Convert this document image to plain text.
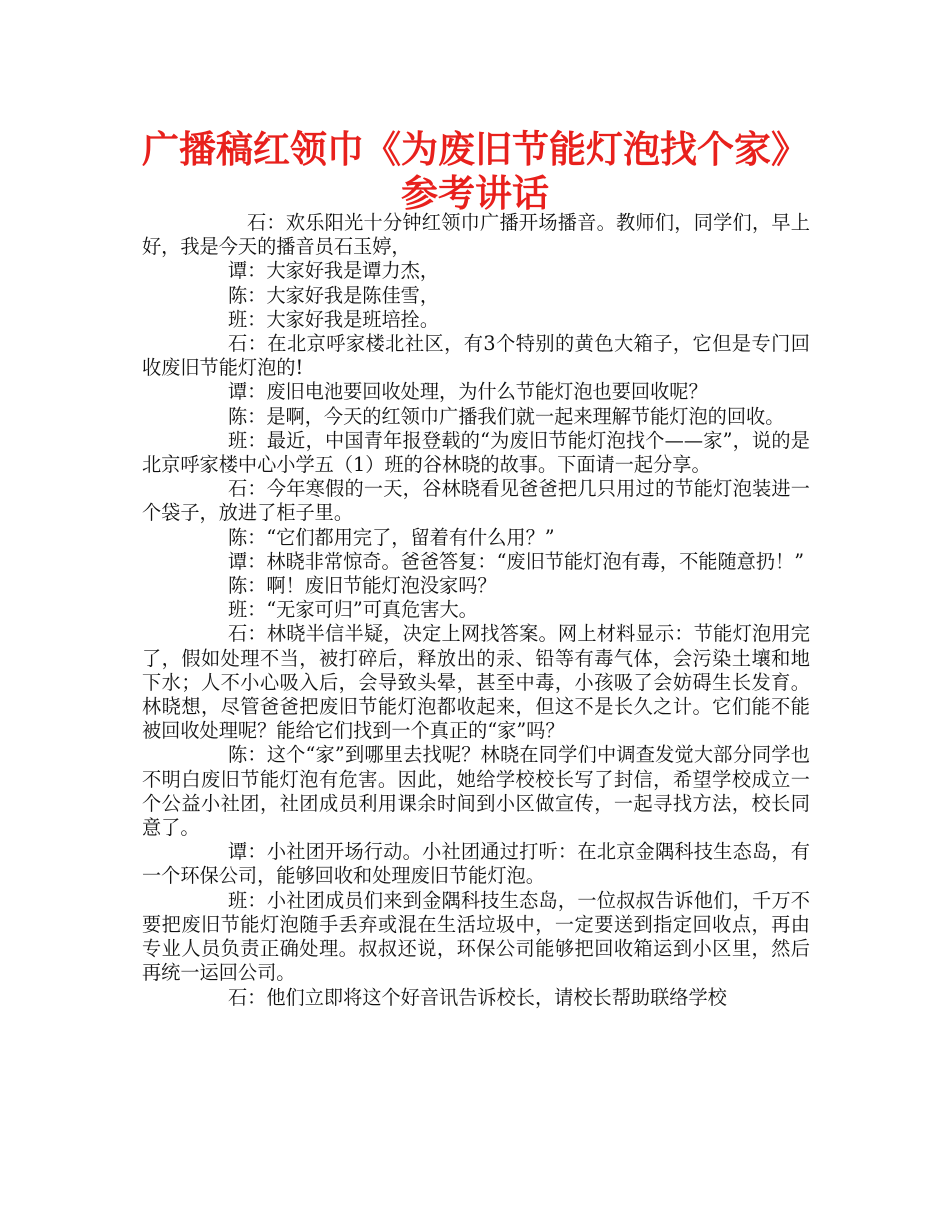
广播稿红领巾《为废旧节能灯泡找个家》
参考讲话

石：欢乐阳光十分钟红领巾广播开场播音。教师们，同学们，早上好，我是今天的播音员石玉婷，

谭：大家好我是谭力杰，

陈：大家好我是陈佳雪，

班：大家好我是班培拴。

石：在北京呼家楼北社区，有3个特别的黄色大箱子，它但是专门回收废旧节能灯泡的!

谭：废旧电池要回收处理，为什么节能灯泡也要回收呢？

陈：是啊，今天的红领巾广播我们就一起来理解节能灯泡的回收。

班：最近，中国青年报登载的“为废旧节能灯泡找个——家”，说的是北京呼家楼中心小学五（1）班的谷林晓的故事。下面请一起分享。

石：今年寒假的一天，谷林晓看见爸爸把几只用过的节能灯泡装进一个袋子，放进了柜子里。

陈：“它们都用完了，留着有什么用？”

谭：林晓非常惊奇。爸爸答复：“废旧节能灯泡有毒，不能随意扔！”

陈：啊！废旧节能灯泡没家吗？

班：“无家可归”可真危害大。

石：林晓半信半疑，决定上网找答案。网上材料显示：节能灯泡用完了，假如处理不当，被打碎后，释放出的汞、铅等有毒气体，会污染土壤和地下水；人不小心吸入后，会导致头晕，甚至中毒，小孩吸了会妨碍生长发育。林晓想，尽管爸爸把废旧节能灯泡都收起来，但这不是长久之计。它们能不能被回收处理呢？能给它们找到一个真正的“家”吗？

陈：这个“家”到哪里去找呢？林晓在同学们中调查发觉大部分同学也不明白废旧节能灯泡有危害。因此，她给学校校长写了封信，希望学校成立一个公益小社团，社团成员利用课余时间到小区做宣传，一起寻找方法，校长同意了。

谭：小社团开场行动。小社团通过打听：在北京金隅科技生态岛，有一个环保公司，能够回收和处理废旧节能灯泡。

班：小社团成员们来到金隅科技生态岛，一位叔叔告诉他们，千万不要把废旧节能灯泡随手丢弃或混在生活垃圾中，一定要送到指定回收点，再由专业人员负责正确处理。叔叔还说，环保公司能够把回收箱运到小区里，然后再统一运回公司。

石：他们立即将这个好音讯告诉校长，请校长帮助联络学校
